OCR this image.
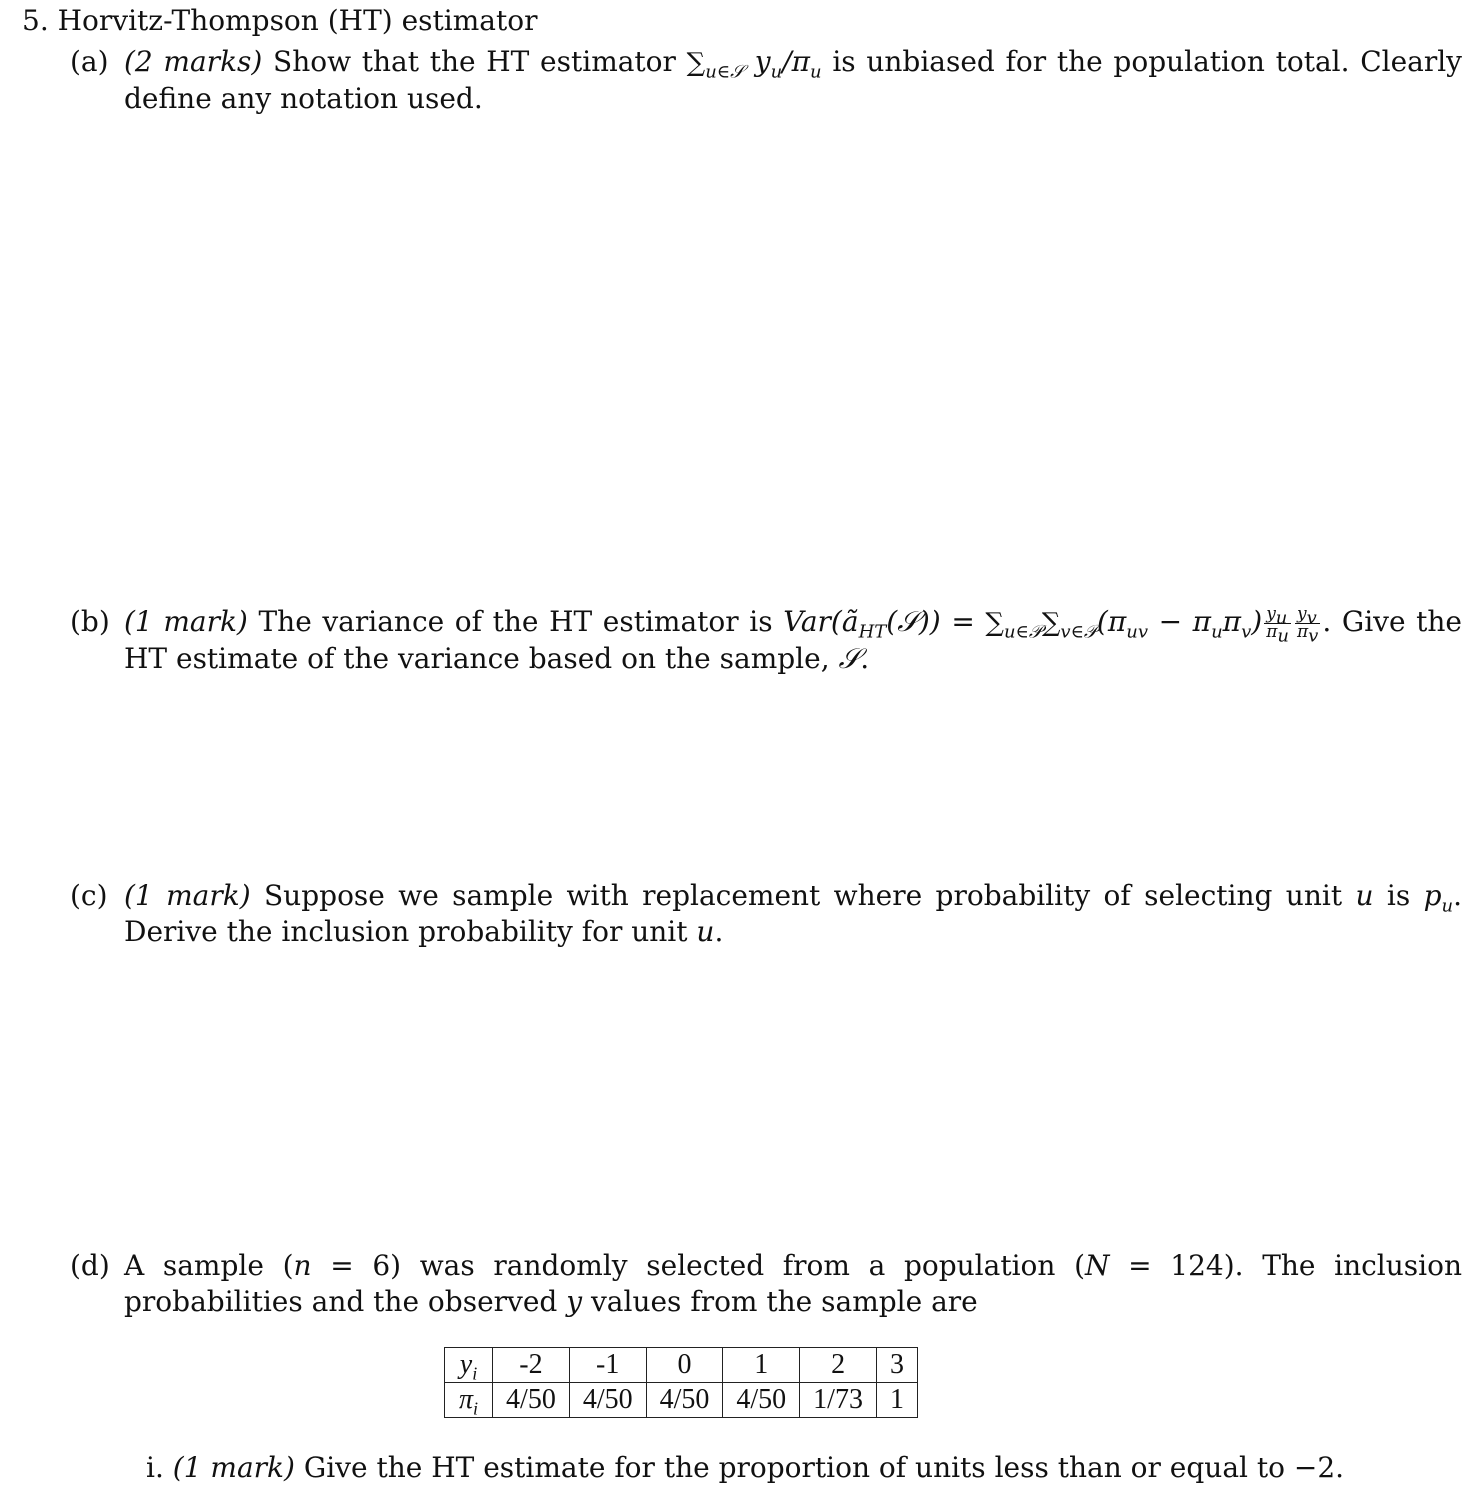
5. Horvitz-Thompson (HT) estimator
(a) (2 marks) Show that the HT estimator $\sum_{u\in 𝒮}$ $y_u/\pi_u$ is unbiased for the population total. Clearly define any notation used.
(b) (1 mark) The variance of the HT estimator is $Var(ã_{HT}(𝒮)) = \sum_{u\in 𝒫}\sum_{v\in 𝒫}(\pi_{uv} - \pi_u\pi_v) \frac{y_u}{\pi_u} \frac{y_v}{\pi_v}$ . Give the HT estimate of the variance based on the sample, 𝒮.
(c) (1 mark) Suppose we sample with replacement where probability of selecting unit u is $p_u$. Derive the inclusion probability for unit u.
(d) A sample (n = 6) was randomly selected from a population (N = 124). The inclusion probabilities and the observed y values from the sample are
$y_i$	-2	-1	0	1	2	3
$\pi_i$	4/50	4/50	4/50	4/50	1/73	1
i. (1 mark) Give the HT estimate for the proportion of units less than or equal to −2.
